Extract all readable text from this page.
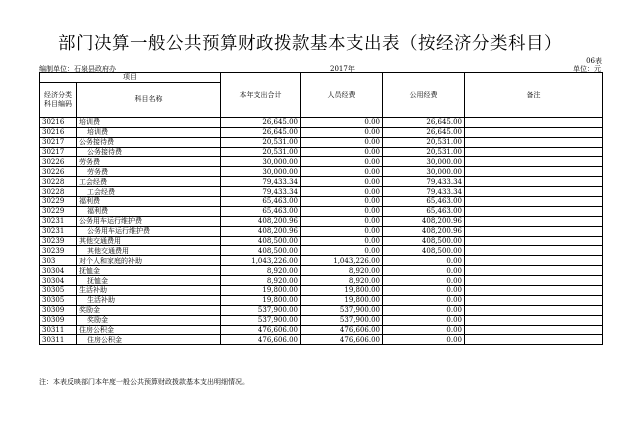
部门决算一般公共预算财政拨款基本支出表（按经济分类科目）
06表
编制单位：石泉县政府办	2017年	单位：元
项目		本年支出合计	人员经费	公用经费	备注
经济分类科目编码	科目名称				
30216	培训费	26,645.00	0.00	26,645.00	
30216	培训费	26,645.00	0.00	26,645.00	
30217	公务接待费	20,531.00	0.00	20,531.00	
30217	公务接待费	20,531.00	0.00	20,531.00	
30226	劳务费	30,000.00	0.00	30,000.00	
30226	劳务费	30,000.00	0.00	30,000.00	
30228	工会经费	79,433.34	0.00	79,433.34	
30228	工会经费	79,433.34	0.00	79,433.34	
30229	福利费	65,463.00	0.00	65,463.00	
30229	福利费	65,463.00	0.00	65,463.00	
30231	公务用车运行维护费	408,200.96	0.00	408,200.96	
30231	公务用车运行维护费	408,200.96	0.00	408,200.96	
30239	其他交通费用	408,500.00	0.00	408,500.00	
30239	其他交通费用	408,500.00	0.00	408,500.00	
303	对个人和家庭的补助	1,043,226.00	1,043,226.00	0.00	
30304	抚恤金	8,920.00	8,920.00	0.00	
30304	抚恤金	8,920.00	8,920.00	0.00	
30305	生活补助	19,800.00	19,800.00	0.00	
30305	生活补助	19,800.00	19,800.00	0.00	
30309	奖励金	537,900.00	537,900.00	0.00	
30309	奖励金	537,900.00	537,900.00	0.00	
30311	住房公积金	476,606.00	476,606.00	0.00	
30311	住房公积金	476,606.00	476,606.00	0.00	
注：本表反映部门本年度一般公共预算财政拨款基本支出明细情况。
